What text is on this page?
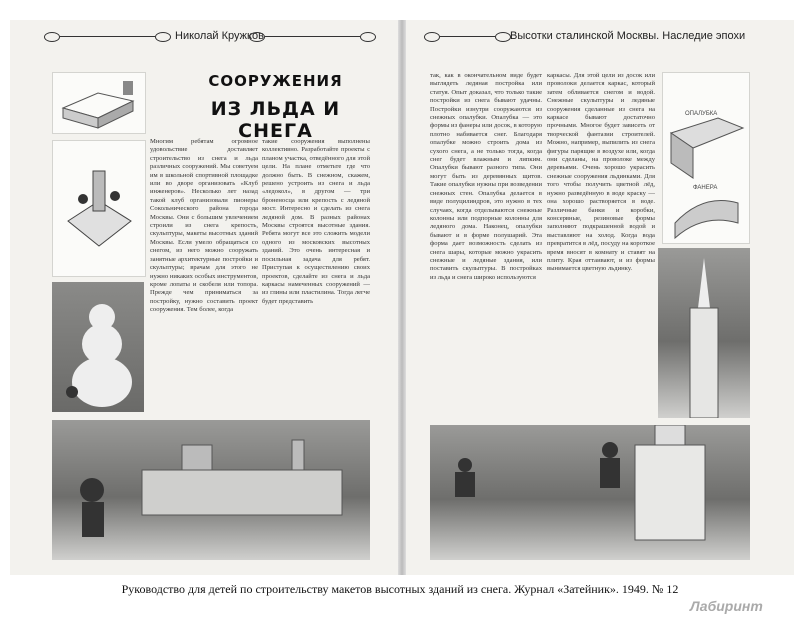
Николай Кружков	Высотки сталинской Москвы. Наследие эпохи
СООРУЖЕНИЯ
ИЗ ЛЬДА И СНЕГА
Многим ребятам огромное удовольствие доставляет строительство из снега и льда различных сооружений. Мы советуем им в школьной спортивной площадке или во дворе организовать «Клуб инженеров». Несколько лет назад такой клуб организовали пионеры Сокольнического района города Москвы. Они с большим увлечением строили из снега крепость, скульптуры, макеты высотных зданий Москвы. Если умело обращаться со снегом, из него можно сооружать занятные архитектурные постройки и скульптуры; врачам для этого не нужно никаких особых инструментов, кроме лопаты и скобеля или топора. Прежде чем приниматься за постройку, нужно составить проект сооружения. Тем более, когда
такие сооружения выполнены коллективно. Разработайте проекты с планом участка, отведённого для этой цели. На плане отметьте где что должно быть. В снежном, скажем, решено устроить из снега и льда «ледокол», в другом — три броненосца или крепость с ледяной мост. Интересно и сделать из снега ледяной дом. В разных районах Москвы строятся высотные здания. Ребята могут все это сложить модели одного из московских высотных зданий. Это очень интересная и посильная задача для ребят. Приступая к осуществлению своих проектов, сделайте из снега и льда каркасы намеченных сооружений — из глины или пластилина. Тогда легче будет представить
так, как в окончательном виде будет выглядеть ледяная постройка или статуя. Опыт доказал, что только такие постройки из снега бывают удачны. Постройки изнутри сооружаются из снежных опалубки. Опалубка — это формы из фанеры или досок, в которую плотно набивается снег. Благодаря опалубке можно строить дома из сухого снега, а не только тогда, когда снег будет влажным и липким. Опалубки бывают разного типа. Они могут быть из деревянных щитов. Такие опалубки нужны при возведении снежных стен. Опалубка делается в виде полуцилиндров, это нужно в тех случаях, когда отделываются снежные колонны или подпорные колонны для ледяного дома. Наконец, опалубки бывают и в форме полушарий. Эта форма дает возможность сделать из снега шары, которые можно украсить снежные и ледяные здания, или поставить скульптуры. В постройках из льда и снега широко используются
каркасы. Для этой цели из досок или проволоки делается каркас, который затем обливается снегом и водой. Снежные скульптуры и ледяные сооружения сделанные из снега на каркасе бывают достаточно прочными. Многое будет зависеть от творческой фантазии строителей. Можно, например, выпилить из снега фигуры парящие в воздухе или, когда они сделаны, на проволоке между деревьями. Очень хорошо украсить снежные сооружения льдинками. Для того чтобы получить цветной лёд, нужно разведённую в воде краску — она хорошо растворяется в воде. Различные банки и коробки, консервные, резиновые формы заполняют подкрашенной водой и выставляют на холод. Когда вода превратится в лёд, посуду на короткое время вносят в комнату и ставят на плиту. Края оттаивают, и из формы вынимается цветную льдинку.
ОПАЛУБКА
ФАНЕРА
Руководство для детей по строительству макетов высотных зданий из снега. Журнал «Затейник». 1949. № 12
Лабиринт
